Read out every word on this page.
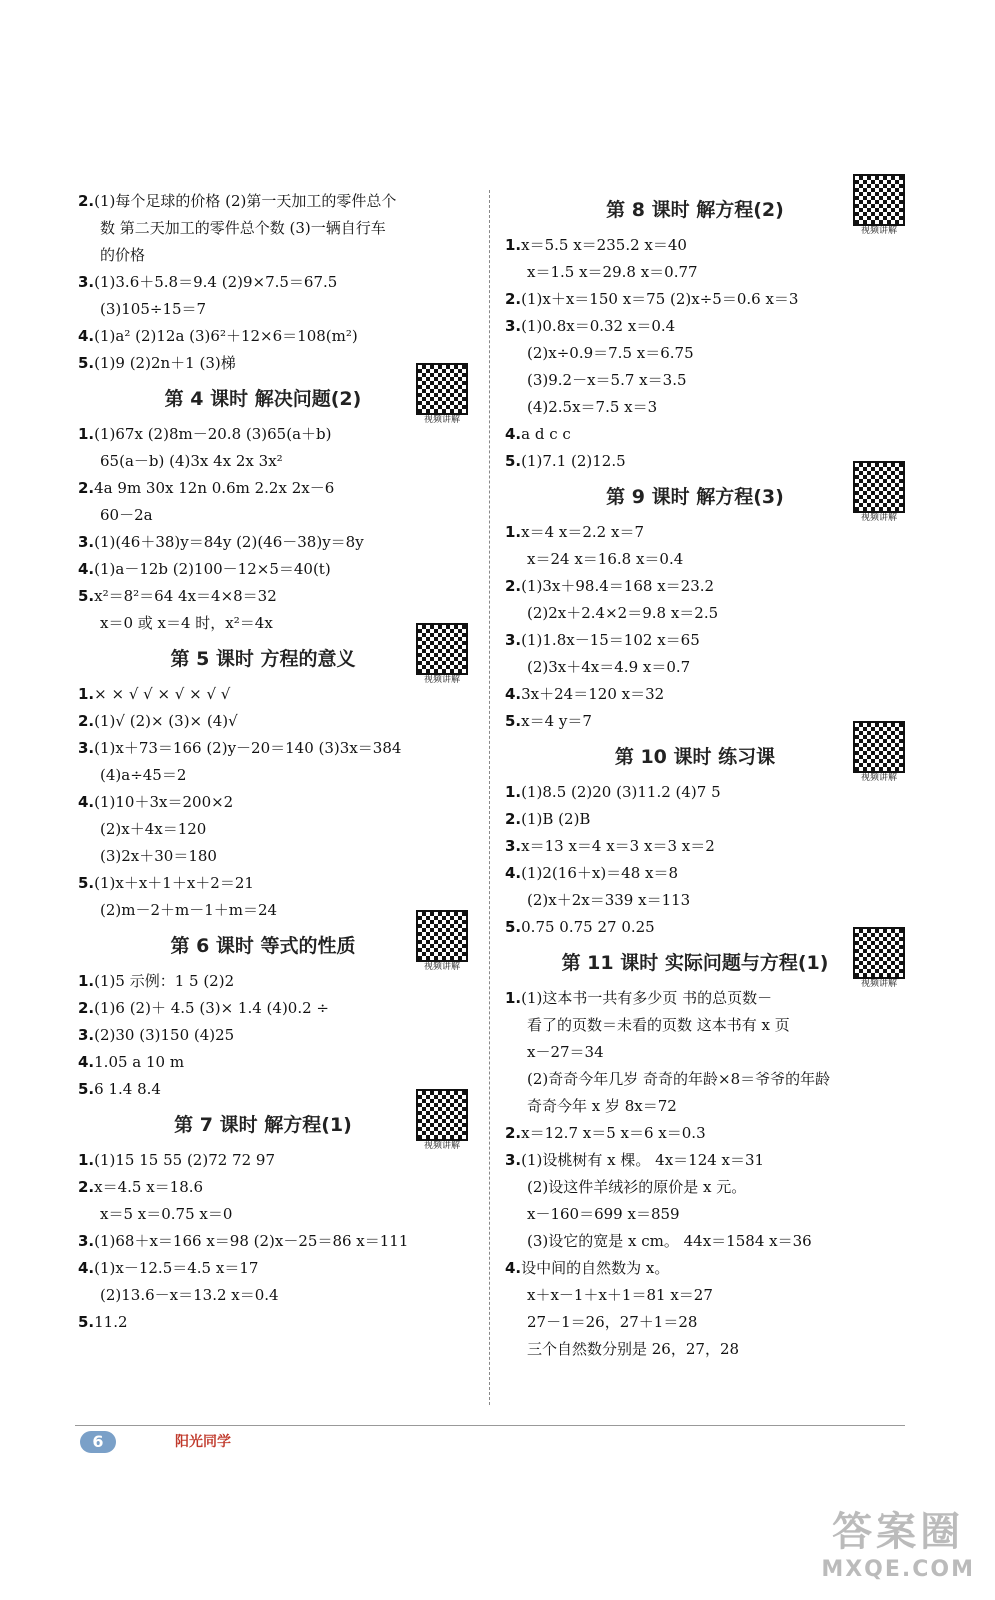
2.(1)每个足球的价格 (2)第一天加工的零件总个
数 第二天加工的零件总个数 (3)一辆自行车
的价格
3.(1)3.6＋5.8＝9.4 (2)9×7.5＝67.5
(3)105÷15＝7
4.(1)a² (2)12a (3)6²＋12×6＝108(m²)
5.(1)9 (2)2n＋1 (3)梯
第 4 课时 解决问题(2)
视频讲解
1.(1)67x (2)8m－20.8 (3)65(a＋b)
65(a－b) (4)3x 4x 2x 3x²
2.4a 9m 30x 12n 0.6m 2.2x 2x－6
60－2a
3.(1)(46＋38)y＝84y (2)(46－38)y＝8y
4.(1)a－12b (2)100－12×5＝40(t)
5.x²＝8²＝64 4x＝4×8＝32
x＝0 或 x＝4 时，x²＝4x
第 5 课时 方程的意义
视频讲解
1.× × √ √ × √ × √ √
2.(1)√ (2)× (3)× (4)√
3.(1)x＋73＝166 (2)y－20＝140 (3)3x＝384
(4)a÷45＝2
4.(1)10＋3x＝200×2
(2)x＋4x＝120
(3)2x＋30＝180
5.(1)x＋x＋1＋x＋2＝21
(2)m－2＋m－1＋m＝24
第 6 课时 等式的性质
视频讲解
1.(1)5 示例：1 5 (2)2
2.(1)6 (2)＋ 4.5 (3)× 1.4 (4)0.2 ÷
3.(2)30 (3)150 (4)25
4.1.05 a 10 m
5.6 1.4 8.4
第 7 课时 解方程(1)
视频讲解
1.(1)15 15 55 (2)72 72 97
2.x＝4.5 x＝18.6
x＝5 x＝0.75 x＝0
3.(1)68＋x＝166 x＝98 (2)x－25＝86 x＝111
4.(1)x－12.5＝4.5 x＝17
(2)13.6－x＝13.2 x＝0.4
5.11.2
第 8 课时 解方程(2)
视频讲解
1.x＝5.5 x＝235.2 x＝40
x＝1.5 x＝29.8 x＝0.77
2.(1)x＋x＝150 x＝75 (2)x÷5＝0.6 x＝3
3.(1)0.8x＝0.32 x＝0.4
(2)x÷0.9＝7.5 x＝6.75
(3)9.2－x＝5.7 x＝3.5
(4)2.5x＝7.5 x＝3
4.a d c c
5.(1)7.1 (2)12.5
第 9 课时 解方程(3)
视频讲解
1.x＝4 x＝2.2 x＝7
x＝24 x＝16.8 x＝0.4
2.(1)3x＋98.4＝168 x＝23.2
(2)2x＋2.4×2＝9.8 x＝2.5
3.(1)1.8x－15＝102 x＝65
(2)3x＋4x＝4.9 x＝0.7
4.3x＋24＝120 x＝32
5.x＝4 y＝7
第 10 课时 练习课
视频讲解
1.(1)8.5 (2)20 (3)11.2 (4)7 5
2.(1)B (2)B
3.x＝13 x＝4 x＝3 x＝3 x＝2
4.(1)2(16＋x)＝48 x＝8
(2)x＋2x＝339 x＝113
5.0.75 0.75 27 0.25
第 11 课时 实际问题与方程(1)
视频讲解
1.(1)这本书一共有多少页 书的总页数－
看了的页数＝未看的页数 这本书有 x 页
x－27＝34
(2)奇奇今年几岁 奇奇的年龄×8＝爷爷的年龄
奇奇今年 x 岁 8x＝72
2.x＝12.7 x＝5 x＝6 x＝0.3
3.(1)设桃树有 x 棵。 4x＝124 x＝31
(2)设这件羊绒衫的原价是 x 元。
x－160＝699 x＝859
(3)设它的宽是 x cm。 44x＝1584 x＝36
4.设中间的自然数为 x。
x＋x－1＋x＋1＝81 x＝27
27－1＝26，27＋1＝28
三个自然数分别是 26，27，28
6	阳光同学
答案圈
MXQE.COM
